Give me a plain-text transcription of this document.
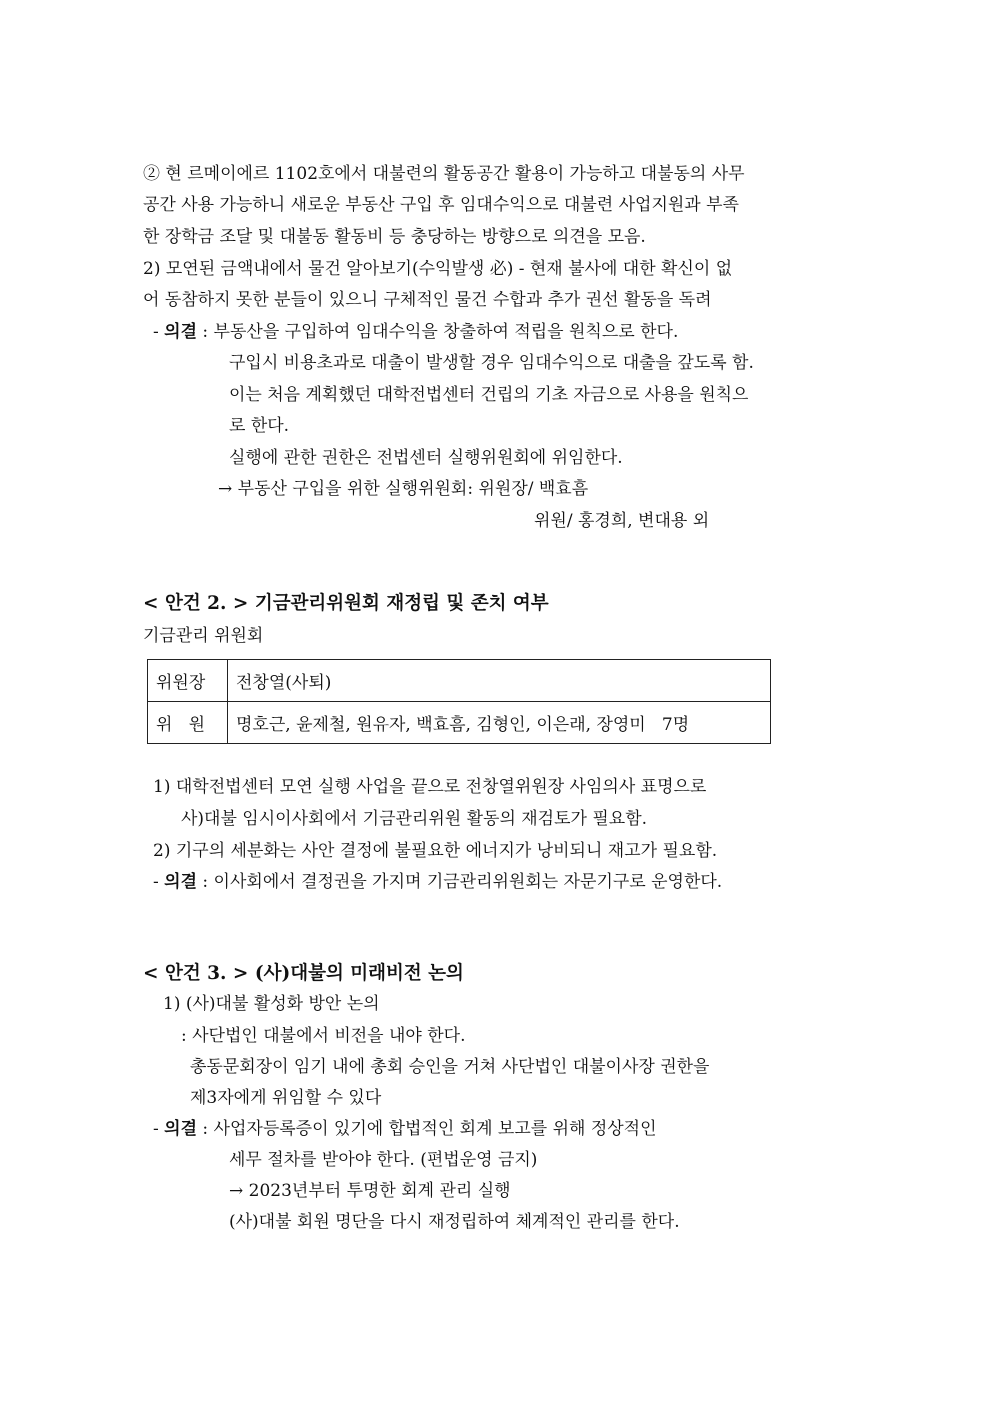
② 현 르메이에르 1102호에서 대불련의 활동공간 활용이 가능하고 대불동의 사무
공간 사용 가능하니 새로운 부동산 구입 후 임대수익으로 대불련 사업지원과 부족
한 장학금 조달 및 대불동 활동비 등 충당하는 방향으로 의견을 모음.
2) 모연된 금액내에서 물건 알아보기(수익발생 必) - 현재 불사에 대한 확신이 없
어 동참하지 못한 분들이 있으니 구체적인 물건 수합과 추가 권선 활동을 독려
- 의결 : 부동산을 구입하여 임대수익을 창출하여 적립을 원칙으로 한다.
구입시 비용초과로 대출이 발생할 경우 임대수익으로 대출을 갚도록 함.
이는 처음 계획했던 대학전법센터 건립의 기초 자금으로 사용을 원칙으
로 한다.
실행에 관한 권한은 전법센터 실행위원회에 위임한다.
→ 부동산 구입을 위한 실행위원회: 위원장/ 백효흠
위원/ 홍경희, 변대용 외
< 안건 2. > 기금관리위원회 재정립 및 존치 여부
기금관리 위원회
위원장	전창열(사퇴)
위   원	명호근, 윤제철, 원유자, 백효흠, 김형인, 이은래, 장영미   7명
1) 대학전법센터 모연 실행 사업을 끝으로 전창열위원장 사임의사 표명으로
사)대불 임시이사회에서 기금관리위원 활동의 재검토가 필요함.
2) 기구의 세분화는 사안 결정에 불필요한 에너지가 낭비되니 재고가 필요함.
- 의결 : 이사회에서 결정권을 가지며 기금관리위원회는 자문기구로 운영한다.
< 안건 3. > (사)대불의 미래비전 논의
1) (사)대불 활성화 방안 논의
: 사단법인 대불에서 비전을 내야 한다.
총동문회장이 임기 내에 총회 승인을 거쳐 사단법인 대불이사장 권한을
제3자에게 위임할 수 있다
- 의결 : 사업자등록증이 있기에 합법적인 회계 보고를 위해 정상적인
세무 절차를 받아야 한다. (편법운영 금지)
→ 2023년부터 투명한 회계 관리 실행
(사)대불 회원 명단을 다시 재정립하여 체계적인 관리를 한다.
